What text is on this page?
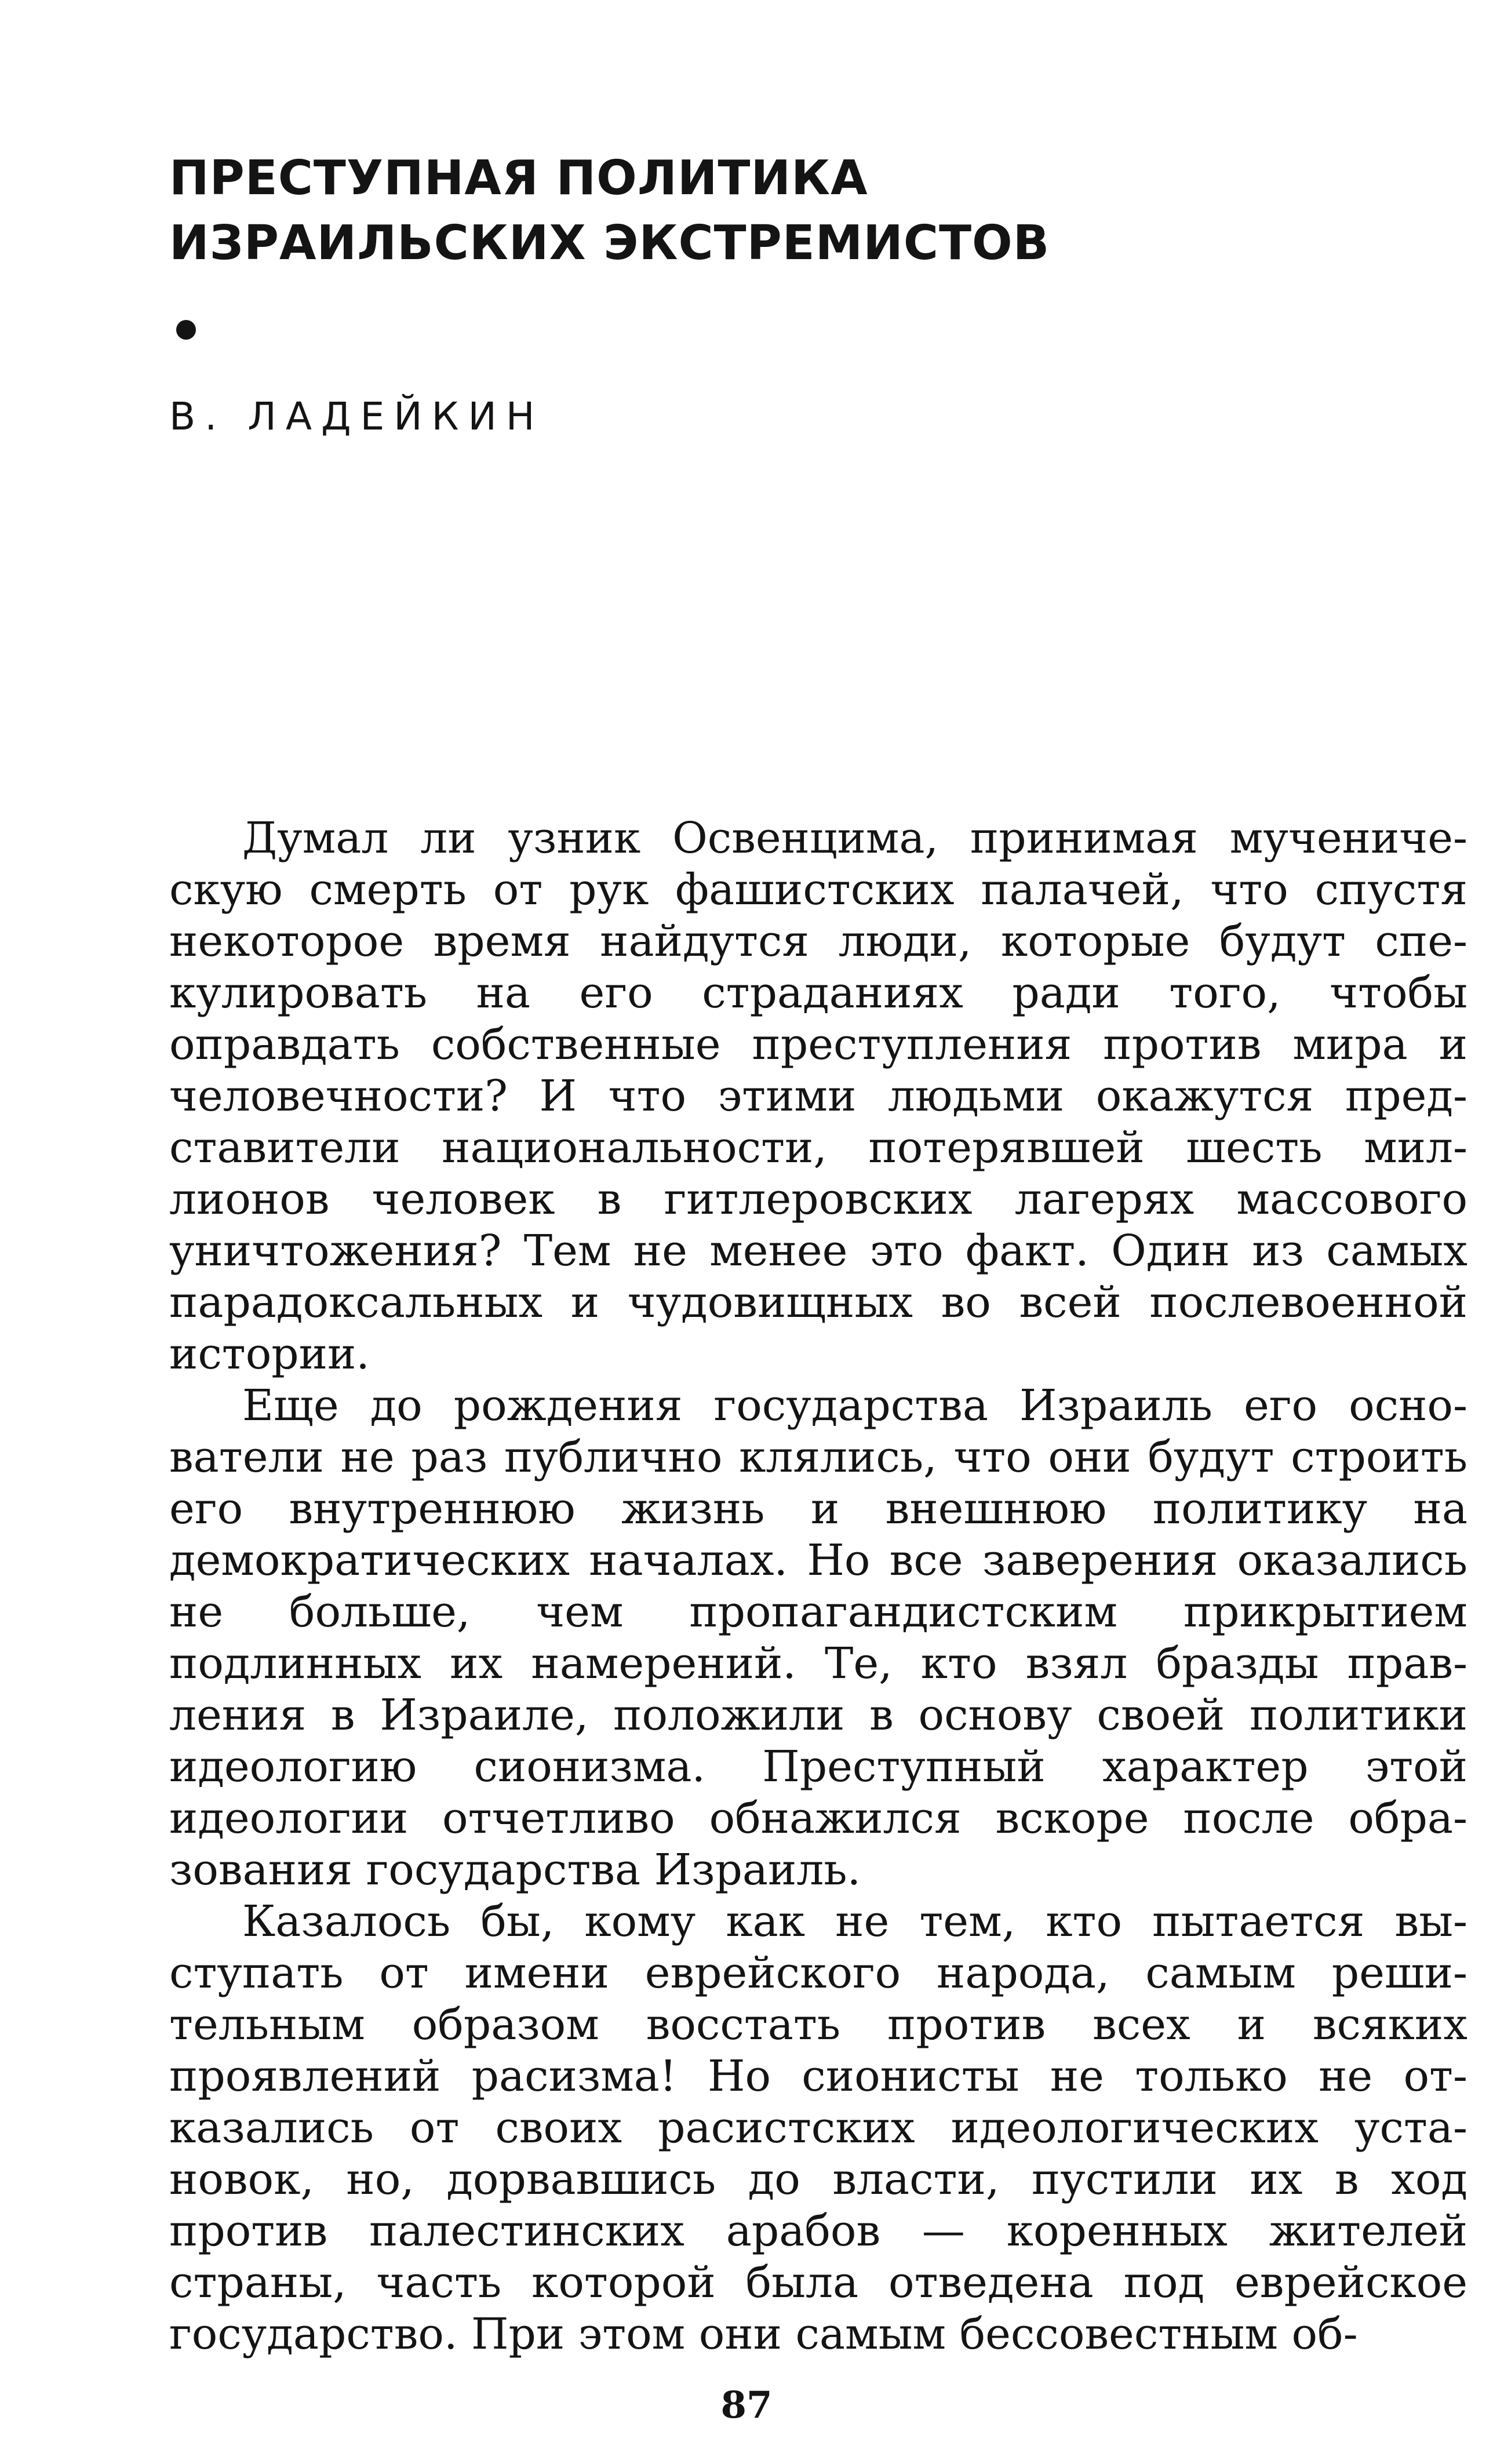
ПРЕСТУПНАЯ ПОЛИТИКА
ИЗРАИЛЬСКИХ ЭКСТРЕМИСТОВ
В. ЛАДЕЙКИН

Думал ли узник Освенцима, принимая мученическую смерть от рук фашистских палачей, что спустя некоторое время найдутся люди, которые будут спекулировать на его страданиях ради того, чтобы оправдать собственные преступления против мира и человечности? И что этими людьми окажутся представители национальности, потерявшей шесть миллионов человек в гитлеровских лагерях массового уничтожения? Тем не менее это факт. Один из самых парадоксальных и чудовищных во всей послевоенной истории.

Еще до рождения государства Израиль его основатели не раз публично клялись, что они будут строить его внутреннюю жизнь и внешнюю политику на демократических началах. Но все заверения оказались не больше, чем пропагандистским прикрытием подлинных их намерений. Те, кто взял бразды правления в Израиле, положили в основу своей политики идеологию сионизма. Преступный характер этой идеологии отчетливо обнажился вскоре после образования государства Израиль.

Казалось бы, кому как не тем, кто пытается выступать от имени еврейского народа, самым решительным образом восстать против всех и всяких проявлений расизма! Но сионисты не только не отказались от своих расистских идеологических установок, но, дорвавшись до власти, пустили их в ход против палестинских арабов — коренных жителей страны, часть которой была отведена под еврейское государство. При этом они самым бессовестным об-

87
